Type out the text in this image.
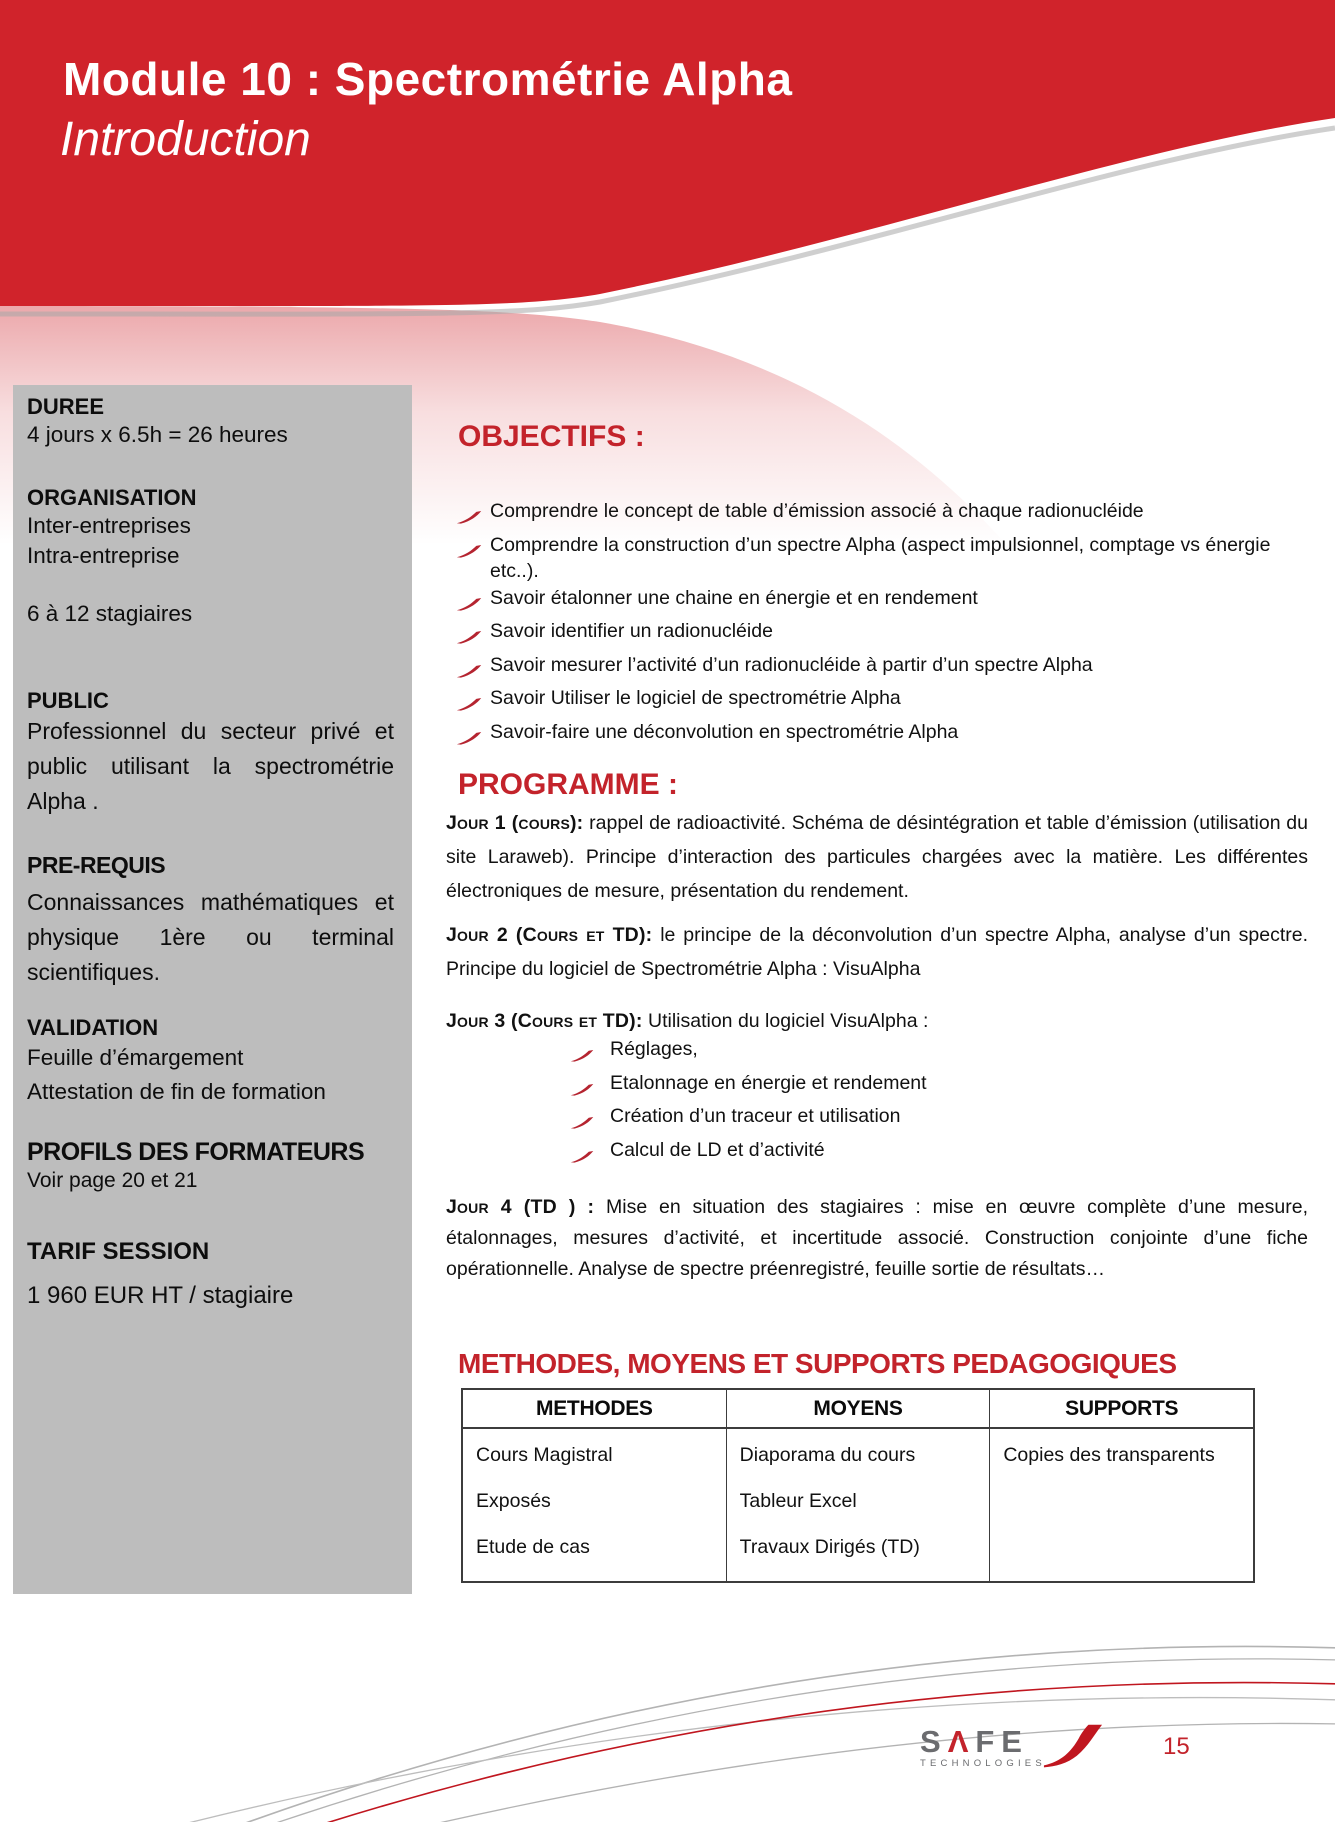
Module 10 : Spectrométrie Alpha
Introduction
DUREE
4 jours x 6.5h = 26 heures
ORGANISATION
Inter-entreprises
Intra-entreprise
6 à 12 stagiaires
PUBLIC
Professionnel du secteur privé et public utilisant la spectrométrie Alpha .
PRE-REQUIS
Connaissances mathématiques et physique 1ère ou terminal scientifiques.
VALIDATION
Feuille d’émargement
Attestation de fin de formation
PROFILS DES FORMATEURS
Voir page 20 et 21
TARIF SESSION
1 960 EUR HT / stagiaire
OBJECTIFS :
Comprendre le concept de table d’émission associé à chaque radionucléide
Comprendre la construction d’un spectre Alpha (aspect impulsionnel, comptage vs énergie etc..).
Savoir étalonner une chaine en énergie et en rendement
Savoir identifier un radionucléide
Savoir mesurer l’activité d’un radionucléide à partir d’un spectre Alpha
Savoir Utiliser le logiciel de spectrométrie Alpha
Savoir-faire une déconvolution en spectrométrie Alpha
PROGRAMME :

Jour 1 (cours): rappel de radioactivité. Schéma de désintégration et table d’émission (utilisation du site Laraweb). Principe d’interaction des particules chargées avec la matière. Les différentes électroniques de mesure, présentation du rendement.

Jour 2 (Cours et TD): le principe de la déconvolution d’un spectre Alpha, analyse d’un spectre. Principe du logiciel de Spectrométrie Alpha : VisuAlpha

Jour 3 (Cours et TD): Utilisation du logiciel VisuAlpha :

Réglages,
Etalonnage en énergie et rendement
Création d’un traceur et utilisation
Calcul de LD et d’activité

Jour 4 (TD ) : Mise en situation des stagiaires : mise en œuvre complète d’une mesure, étalonnages, mesures d’activité, et incertitude associé. Construction conjointe d’une fiche opérationnelle. Analyse de spectre préenregistré, feuille sortie de résultats…

METHODES, MOYENS ET SUPPORTS PEDAGOGIQUES
METHODES	MOYENS	SUPPORTS
Cours Magistral
Exposés
Etude de cas
Diaporama du cours
Tableur Excel
Travaux Dirigés (TD)
Copies des transparents
SΛFE
TECHNOLOGIES
15
